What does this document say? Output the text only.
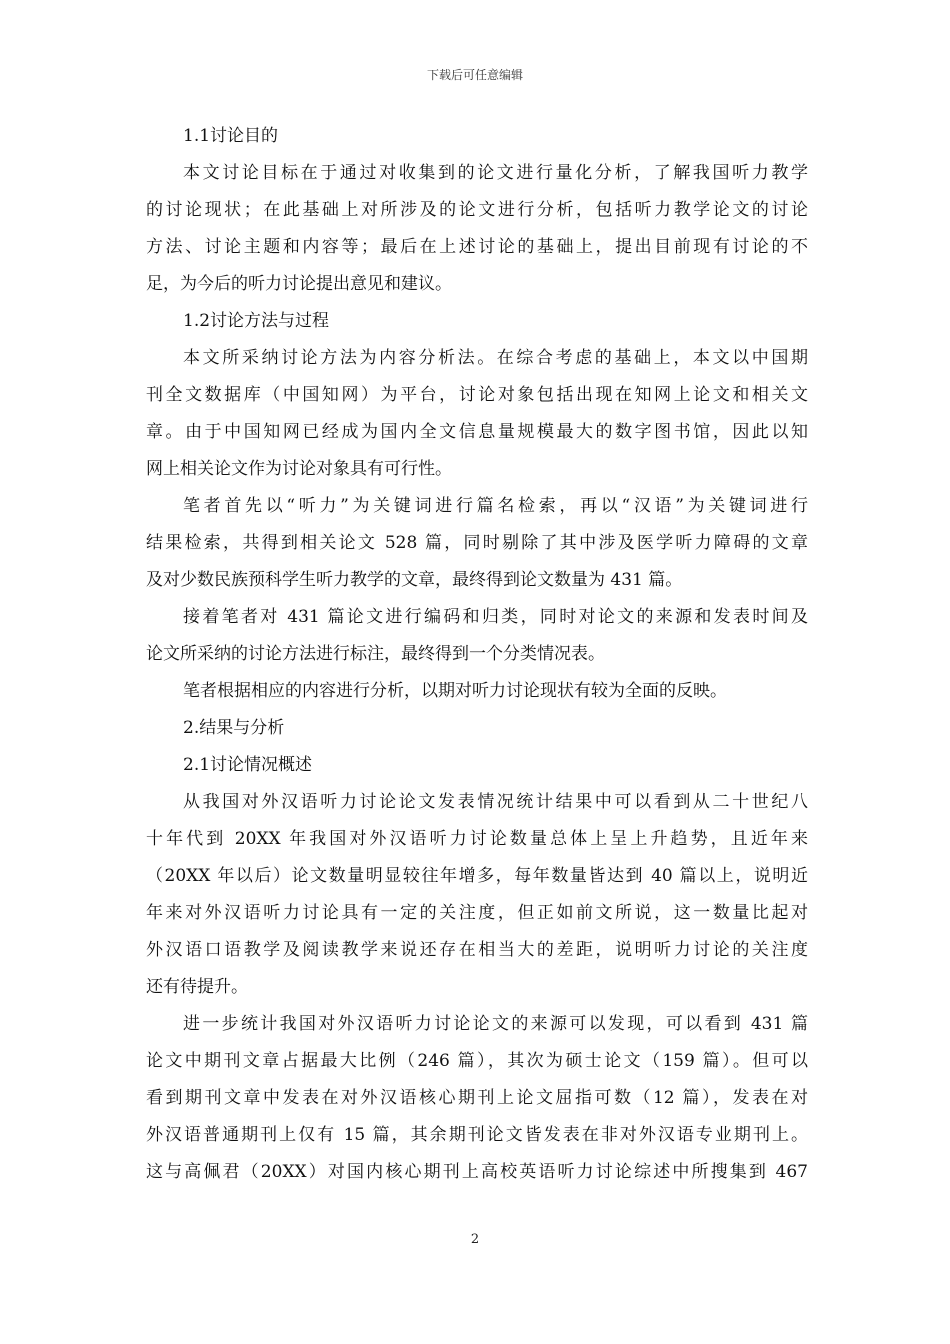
下载后可任意编辑
1.1讨论目的
本文讨论目标在于通过对收集到的论文进行量化分析，了解我国听力教学
的讨论现状；在此基础上对所涉及的论文进行分析，包括听力教学论文的讨论
方法、讨论主题和内容等；最后在上述讨论的基础上，提出目前现有讨论的不
足，为今后的听力讨论提出意见和建议。
1.2讨论方法与过程
本文所采纳讨论方法为内容分析法。在综合考虑的基础上，本文以中国期
刊全文数据库（中国知网）为平台，讨论对象包括出现在知网上论文和相关文
章。由于中国知网已经成为国内全文信息量规模最大的数字图书馆，因此以知
网上相关论文作为讨论对象具有可行性。
笔者首先以“听力”为关键词进行篇名检索，再以“汉语”为关键词进行
结果检索，共得到相关论文 528 篇，同时剔除了其中涉及医学听力障碍的文章
及对少数民族预科学生听力教学的文章，最终得到论文数量为 431 篇。
接着笔者对 431 篇论文进行编码和归类，同时对论文的来源和发表时间及
论文所采纳的讨论方法进行标注，最终得到一个分类情况表。
笔者根据相应的内容进行分析，以期对听力讨论现状有较为全面的反映。
2.结果与分析
2.1讨论情况概述
从我国对外汉语听力讨论论文发表情况统计结果中可以看到从二十世纪八
十年代到 20XX 年我国对外汉语听力讨论数量总体上呈上升趋势，且近年来
（20XX 年以后）论文数量明显较往年增多，每年数量皆达到 40 篇以上，说明近
年来对外汉语听力讨论具有一定的关注度，但正如前文所说，这一数量比起对
外汉语口语教学及阅读教学来说还存在相当大的差距，说明听力讨论的关注度
还有待提升。
进一步统计我国对外汉语听力讨论论文的来源可以发现，可以看到 431 篇
论文中期刊文章占据最大比例（246 篇），其次为硕士论文（159 篇）。但可以
看到期刊文章中发表在对外汉语核心期刊上论文屈指可数（12 篇），发表在对
外汉语普通期刊上仅有 15 篇，其余期刊论文皆发表在非对外汉语专业期刊上。
这与高佩君（20XX）对国内核心期刊上高校英语听力讨论综述中所搜集到 467
2
